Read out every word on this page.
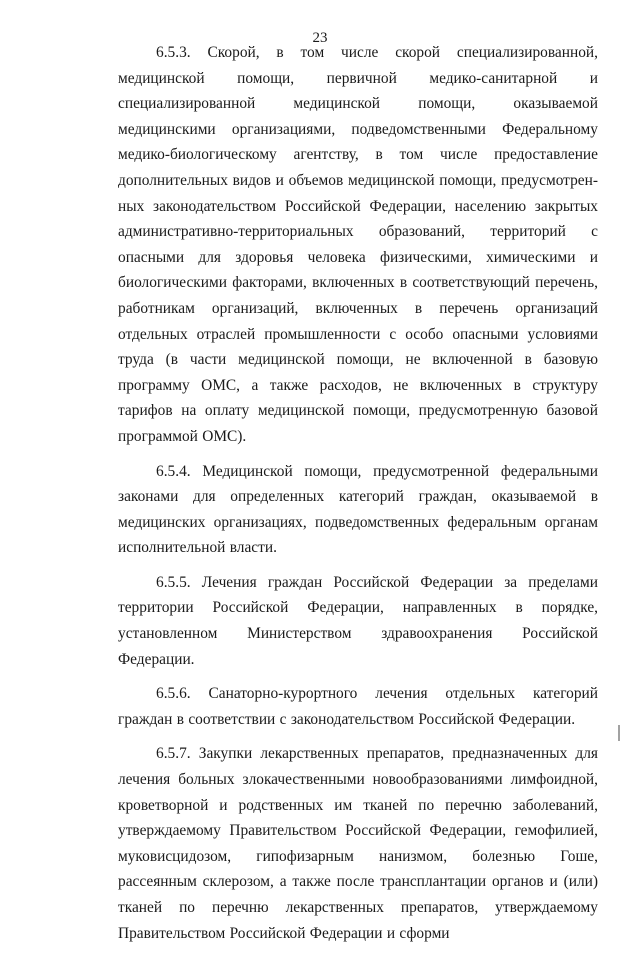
23

6.5.3. Скорой, в том числе скорой специализированной, медицинской помощи, первичной медико-санитарной и специализированной медицинской помощи, оказываемой медицинскими организациями, подведомственными Федеральному медико-биологическому агентству, в том числе предоставление дополнительных видов и объемов медицинской помощи, предусмотренных законодательством Российской Федерации, населению закрытых административно-территориальных образований, территорий с опасными для здоровья человека физическими, химическими и биологическими факторами, включенных в соответствующий перечень, работникам организаций, включенных в перечень организаций отдельных отраслей промышленности с особо опасными условиями труда (в части медицинской помощи, не включенной в базовую программу ОМС, а также расходов, не включенных в структуру тарифов на оплату медицинской помощи, предусмотренную базовой программой ОМС).

6.5.4. Медицинской помощи, предусмотренной федеральными законами для определенных категорий граждан, оказываемой в медицинских организациях, подведомственных федеральным органам исполнительной власти.

6.5.5. Лечения граждан Российской Федерации за пределами территории Российской Федерации, направленных в порядке, установленном Министерством здравоохранения Российской Федерации.

6.5.6. Санаторно-курортного лечения отдельных категорий граждан в соответствии с законодательством Российской Федерации.

6.5.7. Закупки лекарственных препаратов, предназначенных для лечения больных злокачественными новообразованиями лимфоидной, кроветворной и родственных им тканей по перечню заболеваний, утверждаемому Правительством Российской Федерации, гемофилией, муковисцидозом, гипофизарным нанизмом, болезнью Гоше, рассеянным склерозом, а также после трансплантации органов и (или) тканей по перечню лекарственных препаратов, утверждаемому Правительством Российской Федерации и сформи
